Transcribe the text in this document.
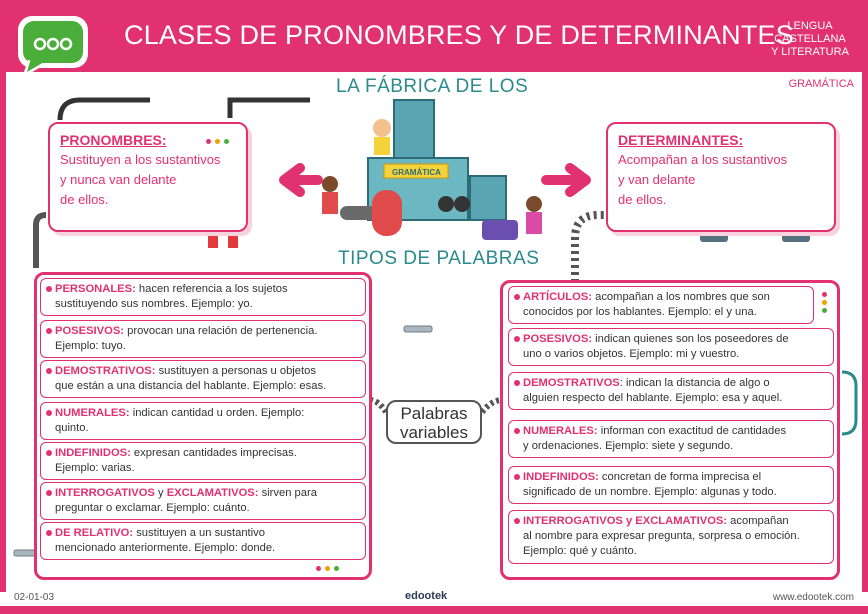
GRAMÁTICA
CLASES DE PRONOMBRES Y DE DETERMINANTES
LENGUA
CASTELLANA
Y LITERATURA
GRAMÁTICA
LA FÁBRICA DE LOS
TIPOS DE PALABRAS
PRONOMBRES:
Sustituyen a los sustantivos
y nunca van delante
de ellos.
DETERMINANTES:
Acompañan a los sustantivos
y van delante
de ellos.
PERSONALES: hacen referencia a los sujetos
sustituyendo sus nombres. Ejemplo: yo.
POSESIVOS: provocan una relación de pertenencia.
Ejemplo: tuyo.
DEMOSTRATIVOS: sustituyen a personas u objetos
que están a una distancia del hablante. Ejemplo: esas.
NUMERALES: indican cantidad u orden. Ejemplo:
quinto.
INDEFINIDOS: expresan cantidades imprecisas.
Ejemplo: varias.
INTERROGATIVOS y EXCLAMATIVOS: sirven para
preguntar o exclamar. Ejemplo: cuánto.
DE RELATIVO: sustituyen a un sustantivo
mencionado anteriormente. Ejemplo: donde.
Palabras
variables
ARTÍCULOS: acompañan a los nombres que son
conocidos por los hablantes. Ejemplo: el y una.
POSESIVOS: indican quienes son los poseedores de
uno o varios objetos. Ejemplo: mi y vuestro.
DEMOSTRATIVOS: indican la distancia de algo o
alguien respecto del hablante. Ejemplo: esa y aquel.
NUMERALES: informan con exactitud de cantidades
y ordenaciones. Ejemplo: siete y segundo.
INDEFINIDOS: concretan de forma imprecisa el
significado de un nombre. Ejemplo: algunas y todo.
INTERROGATIVOS y EXCLAMATIVOS: acompañan
al nombre para expresar pregunta, sorpresa o emoción.
Ejemplo: qué y cuánto.
02-01-03	edootek	www.edootek.com
